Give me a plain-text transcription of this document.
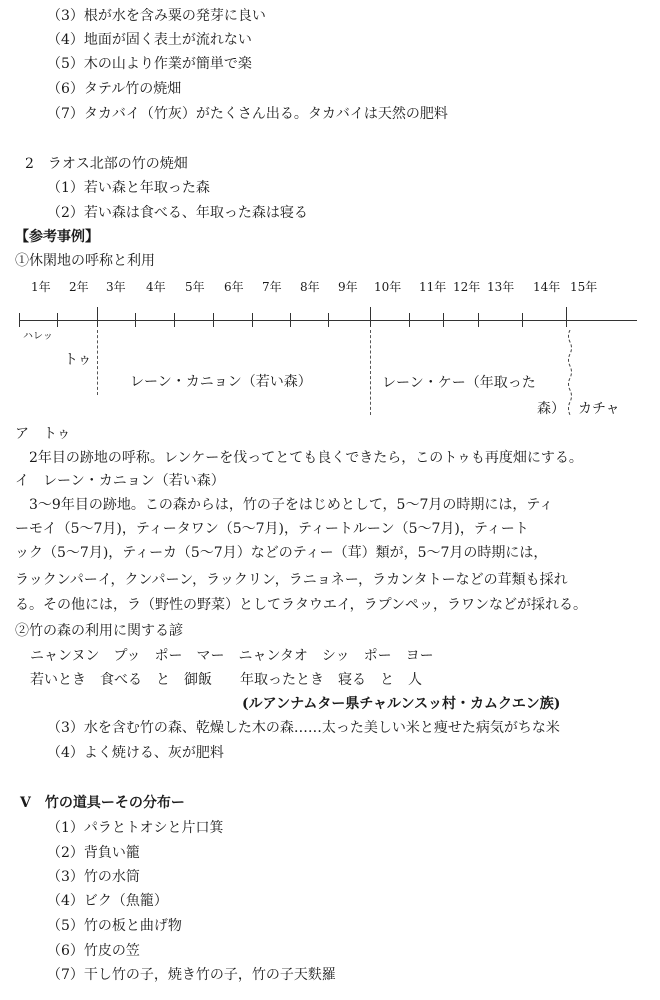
（3）根が水を含み粟の発芽に良い
（4）地面が固く表土が流れない
（5）木の山より作業が簡単で楽
（6）タテル竹の焼畑
（7）タカバイ（竹灰）がたくさん出る。タカバイは天然の肥料
2　ラオス北部の竹の焼畑
（1）若い森と年取った森
（2）若い森は食べる、年取った森は寝る
【参考事例】
①休閑地の呼称と利用
1年 2年 3年 4年 5年 6年 7年 8年 9年 10年 11年 12年 13年 14年 15年
ハレッ
トゥ
レーン・カニョン（若い森）	レーン・ケー（年取った
森） カチャ
ア　トゥ
　2年目の跡地の呼称。レンケーを伐ってとても良くできたら，このトゥも再度畑にする。
イ　レーン・カニョン（若い森）
　3～9年目の跡地。この森からは，竹の子をはじめとして，5～7月の時期には，ティ
ーモイ（5～7月)，ティータワン（5～7月)，ティートルーン（5～7月)，ティート
ック（5～7月)，ティーカ（5～7月）などのティー（茸）類が，5～7月の時期には，
ラックンパーイ，クンパーン，ラックリン，ラニョネー，ラカンタトーなどの茸類も採れ
る。その他には，ラ（野性の野菜）としてラタウエイ，ラプンペッ，ラワンなどが採れる。
②竹の森の利用に関する諺
ニャンヌン　プッ　ポー　マー　ニャンタオ　シッ　ポー　ヨー
若いとき　食べる　と　御飯　　年取ったとき　寝る　と　人
(ルアンナムター県チャルンスッ村・カムクエン族)
（3）水を含む竹の森、乾燥した木の森……太った美しい米と痩せた病気がちな米
（4）よく焼ける、灰が肥料
V　竹の道具ーその分布ー
（1）パラとトオシと片口箕
（2）背負い籠
（3）竹の水筒
（4）ビク（魚籠）
（5）竹の板と曲げ物
（6）竹皮の笠
（7）干し竹の子，焼き竹の子，竹の子天麩羅
